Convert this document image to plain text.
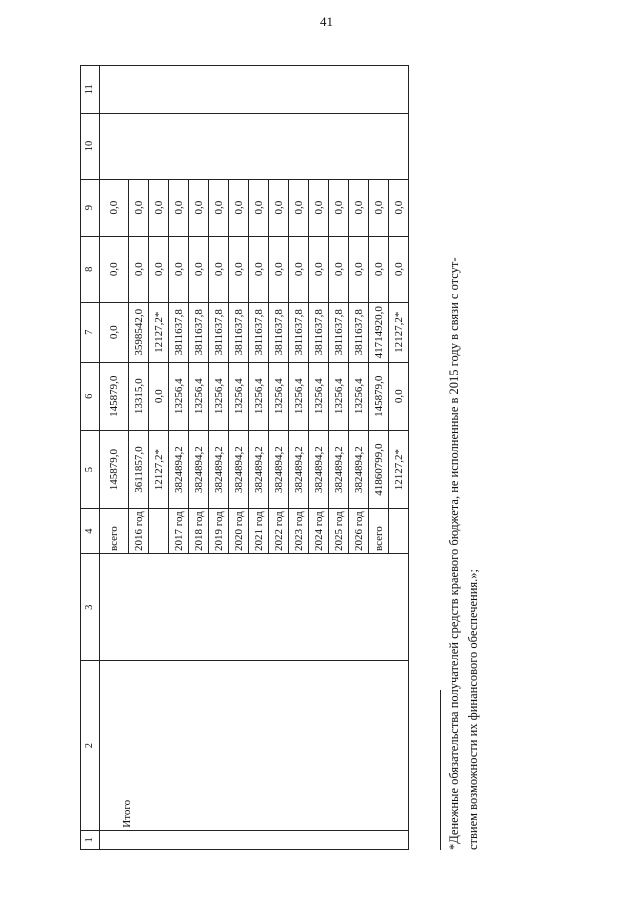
41
1	2	3	4	5	6	7	8	9	10	11
	Итого		всего	145879,0	145879,0	0,0	0,0	0,0		
			2016 год	3611857,0	13315,0	3598542,0	0,0	0,0		
				12127,2*	0,0	12127,2*	0,0	0,0		
			2017 год	3824894,2	13256,4	3811637,8	0,0	0,0		
			2018 год	3824894,2	13256,4	3811637,8	0,0	0,0		
			2019 год	3824894,2	13256,4	3811637,8	0,0	0,0		
			2020 год	3824894,2	13256,4	3811637,8	0,0	0,0		
			2021 год	3824894,2	13256,4	3811637,8	0,0	0,0		
			2022 год	3824894,2	13256,4	3811637,8	0,0	0,0		
			2023 год	3824894,2	13256,4	3811637,8	0,0	0,0		
			2024 год	3824894,2	13256,4	3811637,8	0,0	0,0		
			2025 год	3824894,2	13256,4	3811637,8	0,0	0,0		
			2026 год	3824894,2	13256,4	3811637,8	0,0	0,0		
			всего	41860799,0	145879,0	41714920,0	0,0	0,0		
				12127,2*	0,0	12127,2*	0,0	0,0		
*Денежные обязательства получателей средств краевого бюджета, не исполненные в 2015 году в связи с отсут- ствием возможности их финансового обеспечения.»;
